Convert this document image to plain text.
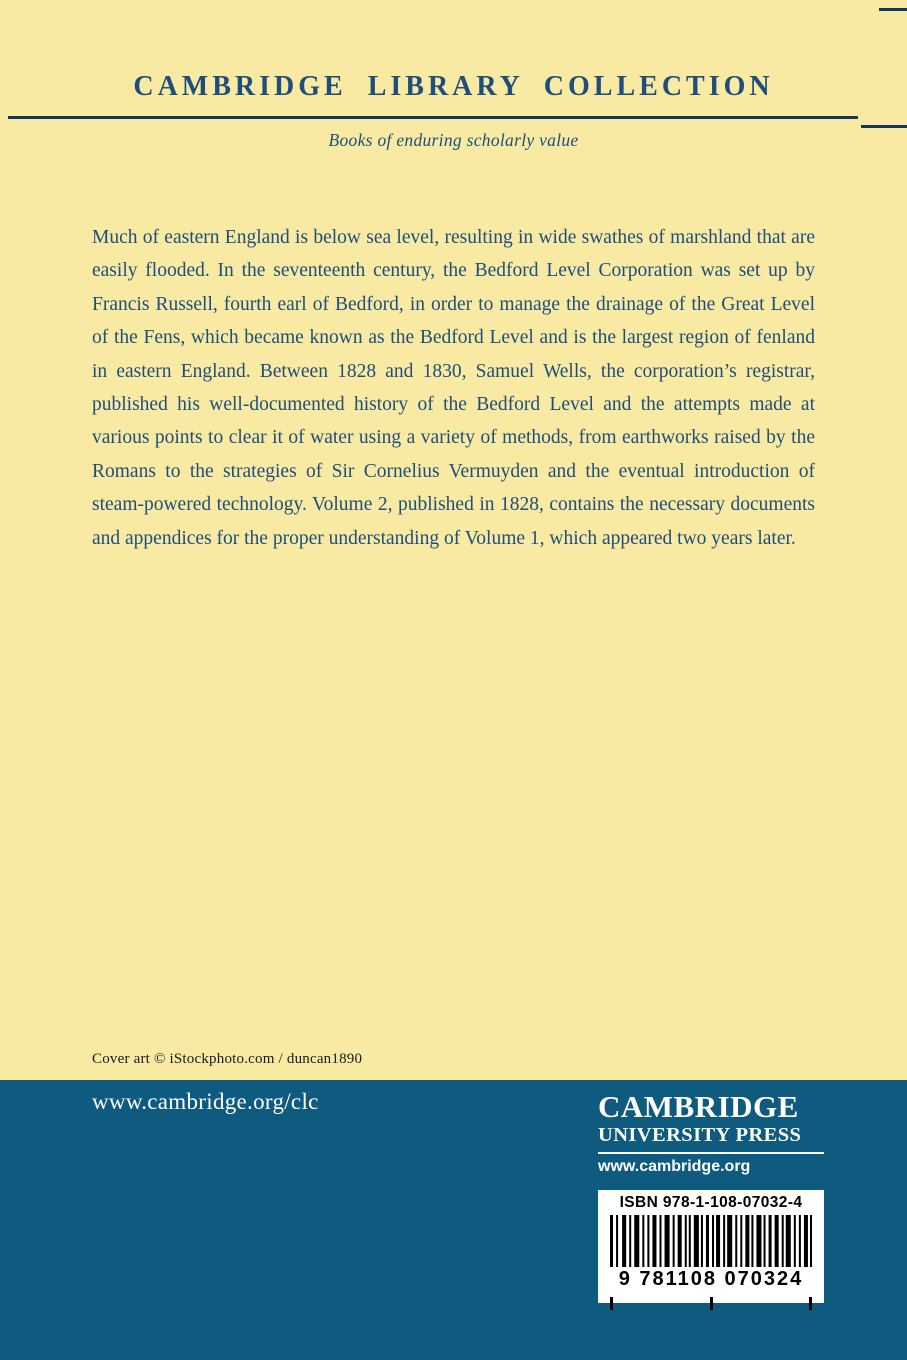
CAMBRIDGE LIBRARY COLLECTION
Books of enduring scholarly value
Much of eastern England is below sea level, resulting in wide swathes of marshland that are easily flooded. In the seventeenth century, the Bedford Level Corporation was set up by Francis Russell, fourth earl of Bedford, in order to manage the drainage of the Great Level of the Fens, which became known as the Bedford Level and is the largest region of fenland in eastern England. Between 1828 and 1830, Samuel Wells, the corporation’s registrar, published his well-documented history of the Bedford Level and the attempts made at various points to clear it of water using a variety of methods, from earthworks raised by the Romans to the strategies of Sir Cornelius Vermuyden and the eventual introduction of steam-powered technology. Volume 2, published in 1828, contains the necessary documents and appendices for the proper understanding of Volume 1, which appeared two years later.
Cover art © iStockphoto.com / duncan1890
www.cambridge.org/clc	CAMBRIDGE
UNIVERSITY PRESS
www.cambridge.org
ISBN 978-1-108-07032-4
9 781108 070324
